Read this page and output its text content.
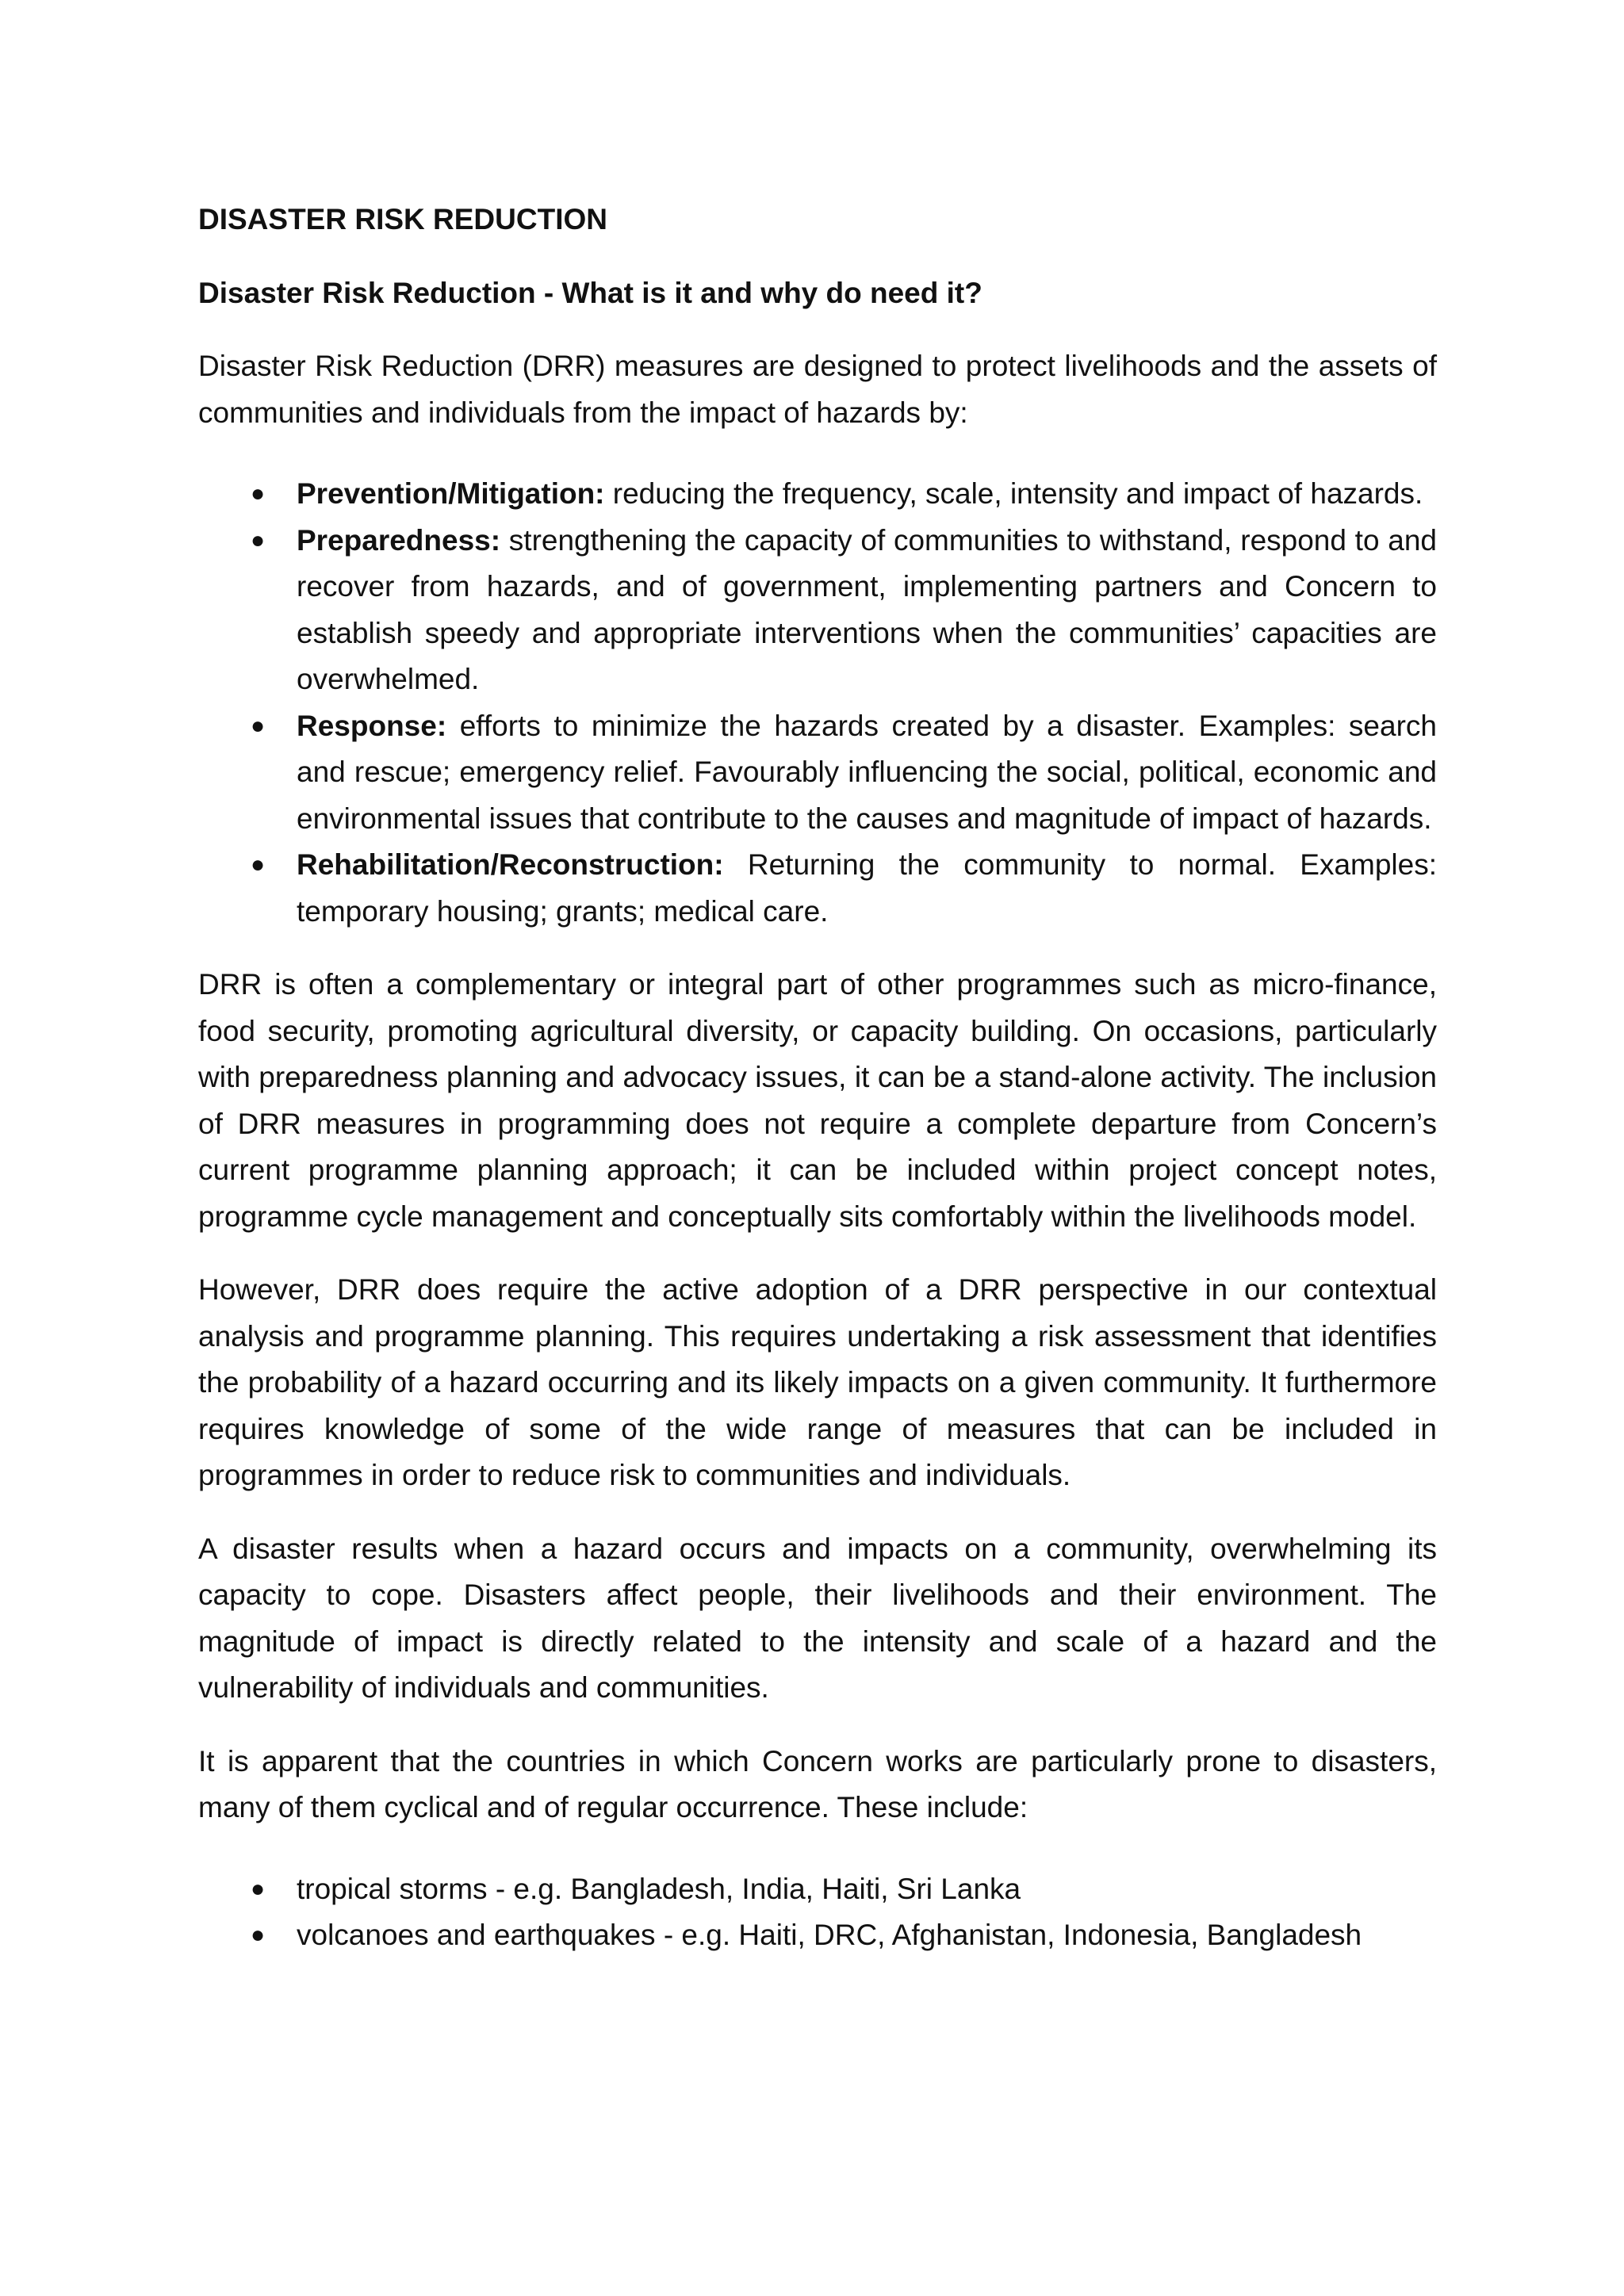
DISASTER RISK REDUCTION
Disaster Risk Reduction - What is it and why do need it?

Disaster Risk Reduction (DRR) measures are designed to protect livelihoods and the assets of communities and individuals from the impact of hazards by:

● Prevention/Mitigation: reducing the frequency, scale, intensity and impact of hazards.
● Preparedness: strengthening the capacity of communities to withstand, respond to and recover from hazards, and of government, implementing partners and Concern to establish speedy and appropriate interventions when the communities’ capacities are overwhelmed.
● Response: efforts to minimize the hazards created by a disaster. Examples: search and rescue; emergency relief. Favourably influencing the social, political, economic and environmental issues that contribute to the causes and magnitude of impact of hazards.
● Rehabilitation/Reconstruction: Returning the community to normal. Examples: temporary housing; grants; medical care.

DRR is often a complementary or integral part of other programmes such as micro-finance, food security, promoting agricultural diversity, or capacity building. On occasions, particularly with preparedness planning and advocacy issues, it can be a stand-alone activity. The inclusion of DRR measures in programming does not require a complete departure from Concern’s current programme planning approach; it can be included within project concept notes, programme cycle management and conceptually sits comfortably within the livelihoods model.

However, DRR does require the active adoption of a DRR perspective in our contextual analysis and programme planning. This requires undertaking a risk assessment that identifies the probability of a hazard occurring and its likely impacts on a given community. It furthermore requires knowledge of some of the wide range of measures that can be included in programmes in order to reduce risk to communities and individuals.

A disaster results when a hazard occurs and impacts on a community, overwhelming its capacity to cope. Disasters affect people, their livelihoods and their environment. The magnitude of impact is directly related to the intensity and scale of a hazard and the vulnerability of individuals and communities.

It is apparent that the countries in which Concern works are particularly prone to disasters, many of them cyclical and of regular occurrence. These include:

● tropical storms - e.g. Bangladesh, India, Haiti, Sri Lanka
● volcanoes and earthquakes - e.g. Haiti, DRC, Afghanistan, Indonesia, Bangladesh
